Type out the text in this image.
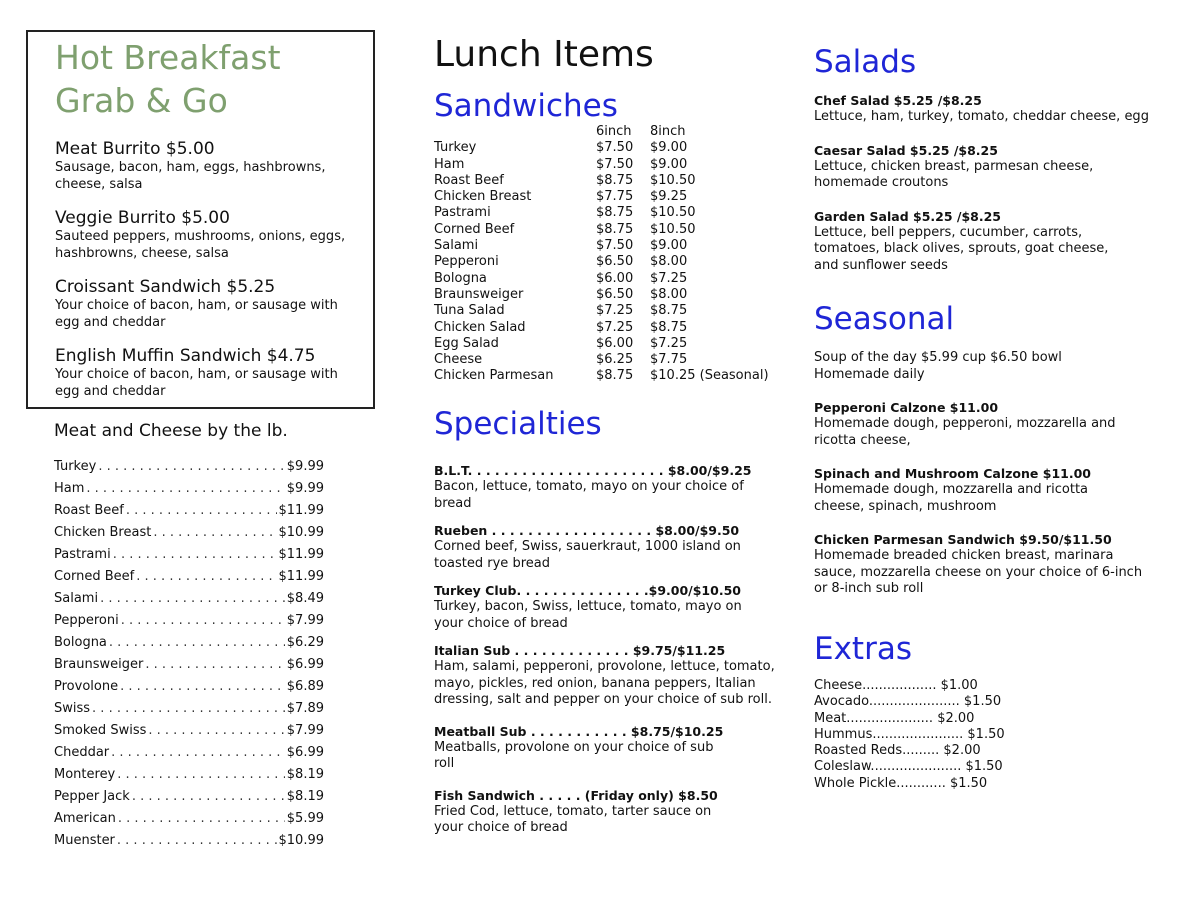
Hot Breakfast
Grab & Go
Meat Burrito $5.00
Sausage, bacon, ham, eggs, hashbrowns, cheese, salsa
Veggie Burrito $5.00
Sauteed peppers, mushrooms, onions, eggs, hashbrowns, cheese, salsa
Croissant Sandwich $5.25
Your choice of bacon, ham, or sausage with egg and cheddar
English Muffin Sandwich $4.75
Your choice of bacon, ham, or sausage with egg and cheddar
Meat and Cheese by the lb.
Turkey . . .	$9.99
Ham . . .	$9.99
Roast Beef . . .	$11.99
Chicken Breast . . .	$10.99
Pastrami . . .	$11.99
Corned Beef . . .	$11.99
Salami . . .	$8.49
Pepperoni . . .	$7.99
Bologna . . .	$6.29
Braunsweiger . . .	$6.99
Provolone . . .	$6.89
Swiss . . .	$7.89
Smoked Swiss . . .	$7.99
Cheddar . . .	$6.99
Monterey . . .	$8.19
Pepper Jack . . .	$8.19
American . . .	$5.99
Muenster . . .	$10.99
Lunch Items
Sandwiches
	6inch	8inch
Turkey	$7.50	$9.00
Ham	$7.50	$9.00
Roast Beef	$8.75	$10.50
Chicken Breast	$7.75	$9.25
Pastrami	$8.75	$10.50
Corned Beef	$8.75	$10.50
Salami	$7.50	$9.00
Pepperoni	$6.50	$8.00
Bologna	$6.00	$7.25
Braunsweiger	$6.50	$8.00
Tuna Salad	$7.25	$8.75
Chicken Salad	$7.25	$8.75
Egg Salad	$6.00	$7.25
Cheese	$6.25	$7.75
Chicken Parmesan	$8.75	$10.25 (Seasonal)
Specialties
B.L.T. . . . . . . . . . . . . . . . . . . . . . $8.00/$9.25
Bacon, lettuce, tomato, mayo on your choice of bread
Rueben . . . . . . . . . . . . . . . . . . $8.00/$9.50
Corned beef, Swiss, sauerkraut, 1000 island on toasted rye bread
Turkey Club. . . . . . . . . . . . . . .$9.00/$10.50
Turkey, bacon, Swiss, lettuce, tomato, mayo on your choice of bread
Italian Sub . . . . . . . . . . . . . $9.75/$11.25
Ham, salami, pepperoni, provolone, lettuce, tomato, mayo, pickles, red onion, banana peppers, Italian dressing, salt and pepper on your choice of sub roll.
Meatball Sub . . . . . . . . . . . $8.75/$10.25
Meatballs, provolone on your choice of sub roll
Fish Sandwich . . . . . (Friday only) $8.50
Fried Cod, lettuce, tomato, tarter sauce on your choice of bread
Salads
Chef Salad $5.25 /$8.25
Lettuce, ham, turkey, tomato, cheddar cheese, egg
Caesar Salad $5.25 /$8.25
Lettuce, chicken breast, parmesan cheese, homemade croutons
Garden Salad $5.25 /$8.25
Lettuce, bell peppers, cucumber, carrots, tomatoes, black olives, sprouts, goat cheese, and sunflower seeds
Seasonal
Soup of the day $5.99 cup $6.50 bowl
Homemade daily
Pepperoni Calzone $11.00
Homemade dough, pepperoni, mozzarella and ricotta cheese,
Spinach and Mushroom Calzone $11.00
Homemade dough, mozzarella and ricotta cheese, spinach, mushroom
Chicken Parmesan Sandwich $9.50/$11.50
Homemade breaded chicken breast, marinara sauce, mozzarella cheese on your choice of 6-inch or 8-inch sub roll
Extras
Cheese.................. $1.00
Avocado...................... $1.50
Meat..................... $2.00
Hummus...................... $1.50
Roasted Reds......... $2.00
Coleslaw...................... $1.50
Whole Pickle............ $1.50
